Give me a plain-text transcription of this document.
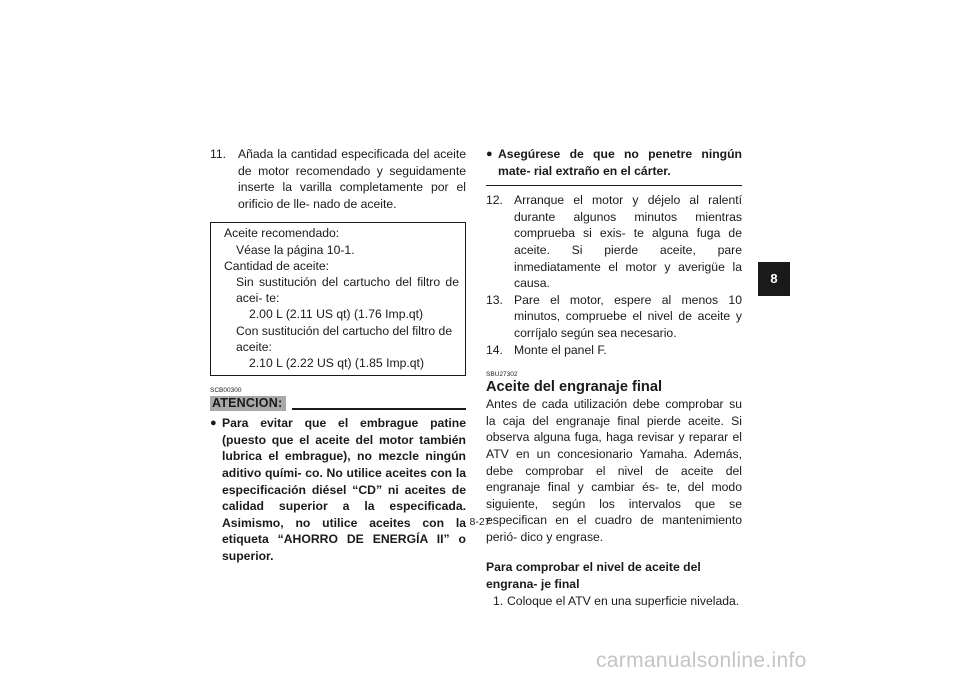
11. Añada la cantidad especificada del aceite de motor recomendado y seguidamente inserte la varilla completamente por el orificio de lle- nado de aceite.
Aceite recomendado:
Véase la página 10-1.
Cantidad de aceite:
Sin sustitución del cartucho del filtro de acei- te:
2.00 L (2.11 US qt) (1.76 Imp.qt)
Con sustitución del cartucho del filtro de aceite:
2.10 L (2.22 US qt) (1.85 Imp.qt)
SCB00300
ATENCION:
● Para evitar que el embrague patine (puesto que el aceite del motor también lubrica el embrague), no mezcle ningún aditivo quími- co. No utilice aceites con la especificación diésel “CD” ni aceites de calidad superior a la especificada. Asimismo, no utilice aceites con la etiqueta “AHORRO DE ENERGÍA II” o superior.
● Asegúrese de que no penetre ningún mate- rial extraño en el cárter.
12. Arranque el motor y déjelo al ralentí durante algunos minutos mientras comprueba si exis- te alguna fuga de aceite. Si pierde aceite, pare inmediatamente el motor y averigüe la causa.
13. Pare el motor, espere al menos 10 minutos, compruebe el nivel de aceite y corríjalo según sea necesario.
14. Monte el panel F.
SBU27302
Aceite del engranaje final

Antes de cada utilización debe comprobar su la caja del engranaje final pierde aceite. Si observa alguna fuga, haga revisar y reparar el ATV en un concesionario Yamaha. Además, debe comprobar el nivel de aceite del engranaje final y cambiar és- te, del modo siguiente, según los intervalos que se especifican en el cuadro de mantenimiento perió- dico y engrase.

Para comprobar el nivel de aceite del engrana- je final
1. Coloque el ATV en una superficie nivelada.
8-27
8
carmanualsonline.info
